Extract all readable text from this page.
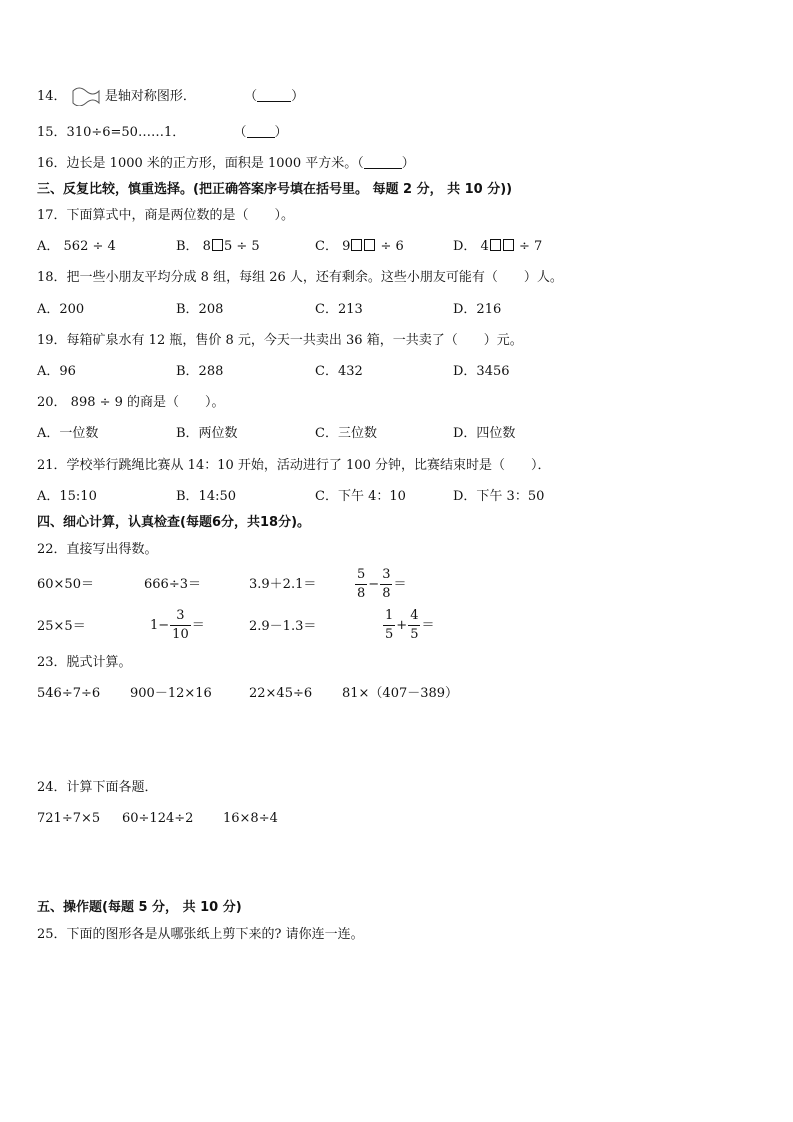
14．	是轴对称图形．	（	）
15．310÷6=50……1．	（ ）
16．边长是 1000 米的正方形，面积是 1000 平方米。（	）
三、反复比较，慎重选择。(把正确答案序号填在括号里。 每题 2 分， 共 10 分))
17．下面算式中，商是两位数的是（　　）。
A． 562 ÷ 4	B． 8 5 ÷ 5	C． 9 ÷ 6	D． 4 ÷ 7
18．把一些小朋友平均分成 8 组，每组 26 人，还有剩余。这些小朋友可能有（　　）人。
A．200	B．208	C．213	D．216
19．每箱矿泉水有 12 瓶，售价 8 元，今天一共卖出 36 箱，一共卖了（　　）元。
A．96	B．288	C．432	D．3456
20． 898 ÷ 9 的商是（　　）。
A．一位数	B．两位数	C．三位数	D．四位数
21．学校举行跳绳比赛从 14：10 开始，活动进行了 100 分钟，比赛结束时是（　　）．
A．15:10	B．14:50	C．下午 4：10	D．下午 3：50
四、细心计算，认真检查(每题6分，共18分)。
22．直接写出得数。
60×50＝	666÷3＝	3.9＋2.1＝	$\frac{5}{8} - \frac{3}{8}$ ＝
25×5＝	$1- \frac{3}{10}$ ＝	2.9－1.3＝	$\frac{1}{5} + \frac{4}{5}$ ＝
23．脱式计算。
546÷7÷6 900－12×16	22×45÷6 81×（407－389）
24．计算下面各题．
721÷7×5 60÷124÷2 16×8÷4
五、操作题(每题 5 分， 共 10 分)
25．下面的图形各是从哪张纸上剪下来的? 请你连一连。
